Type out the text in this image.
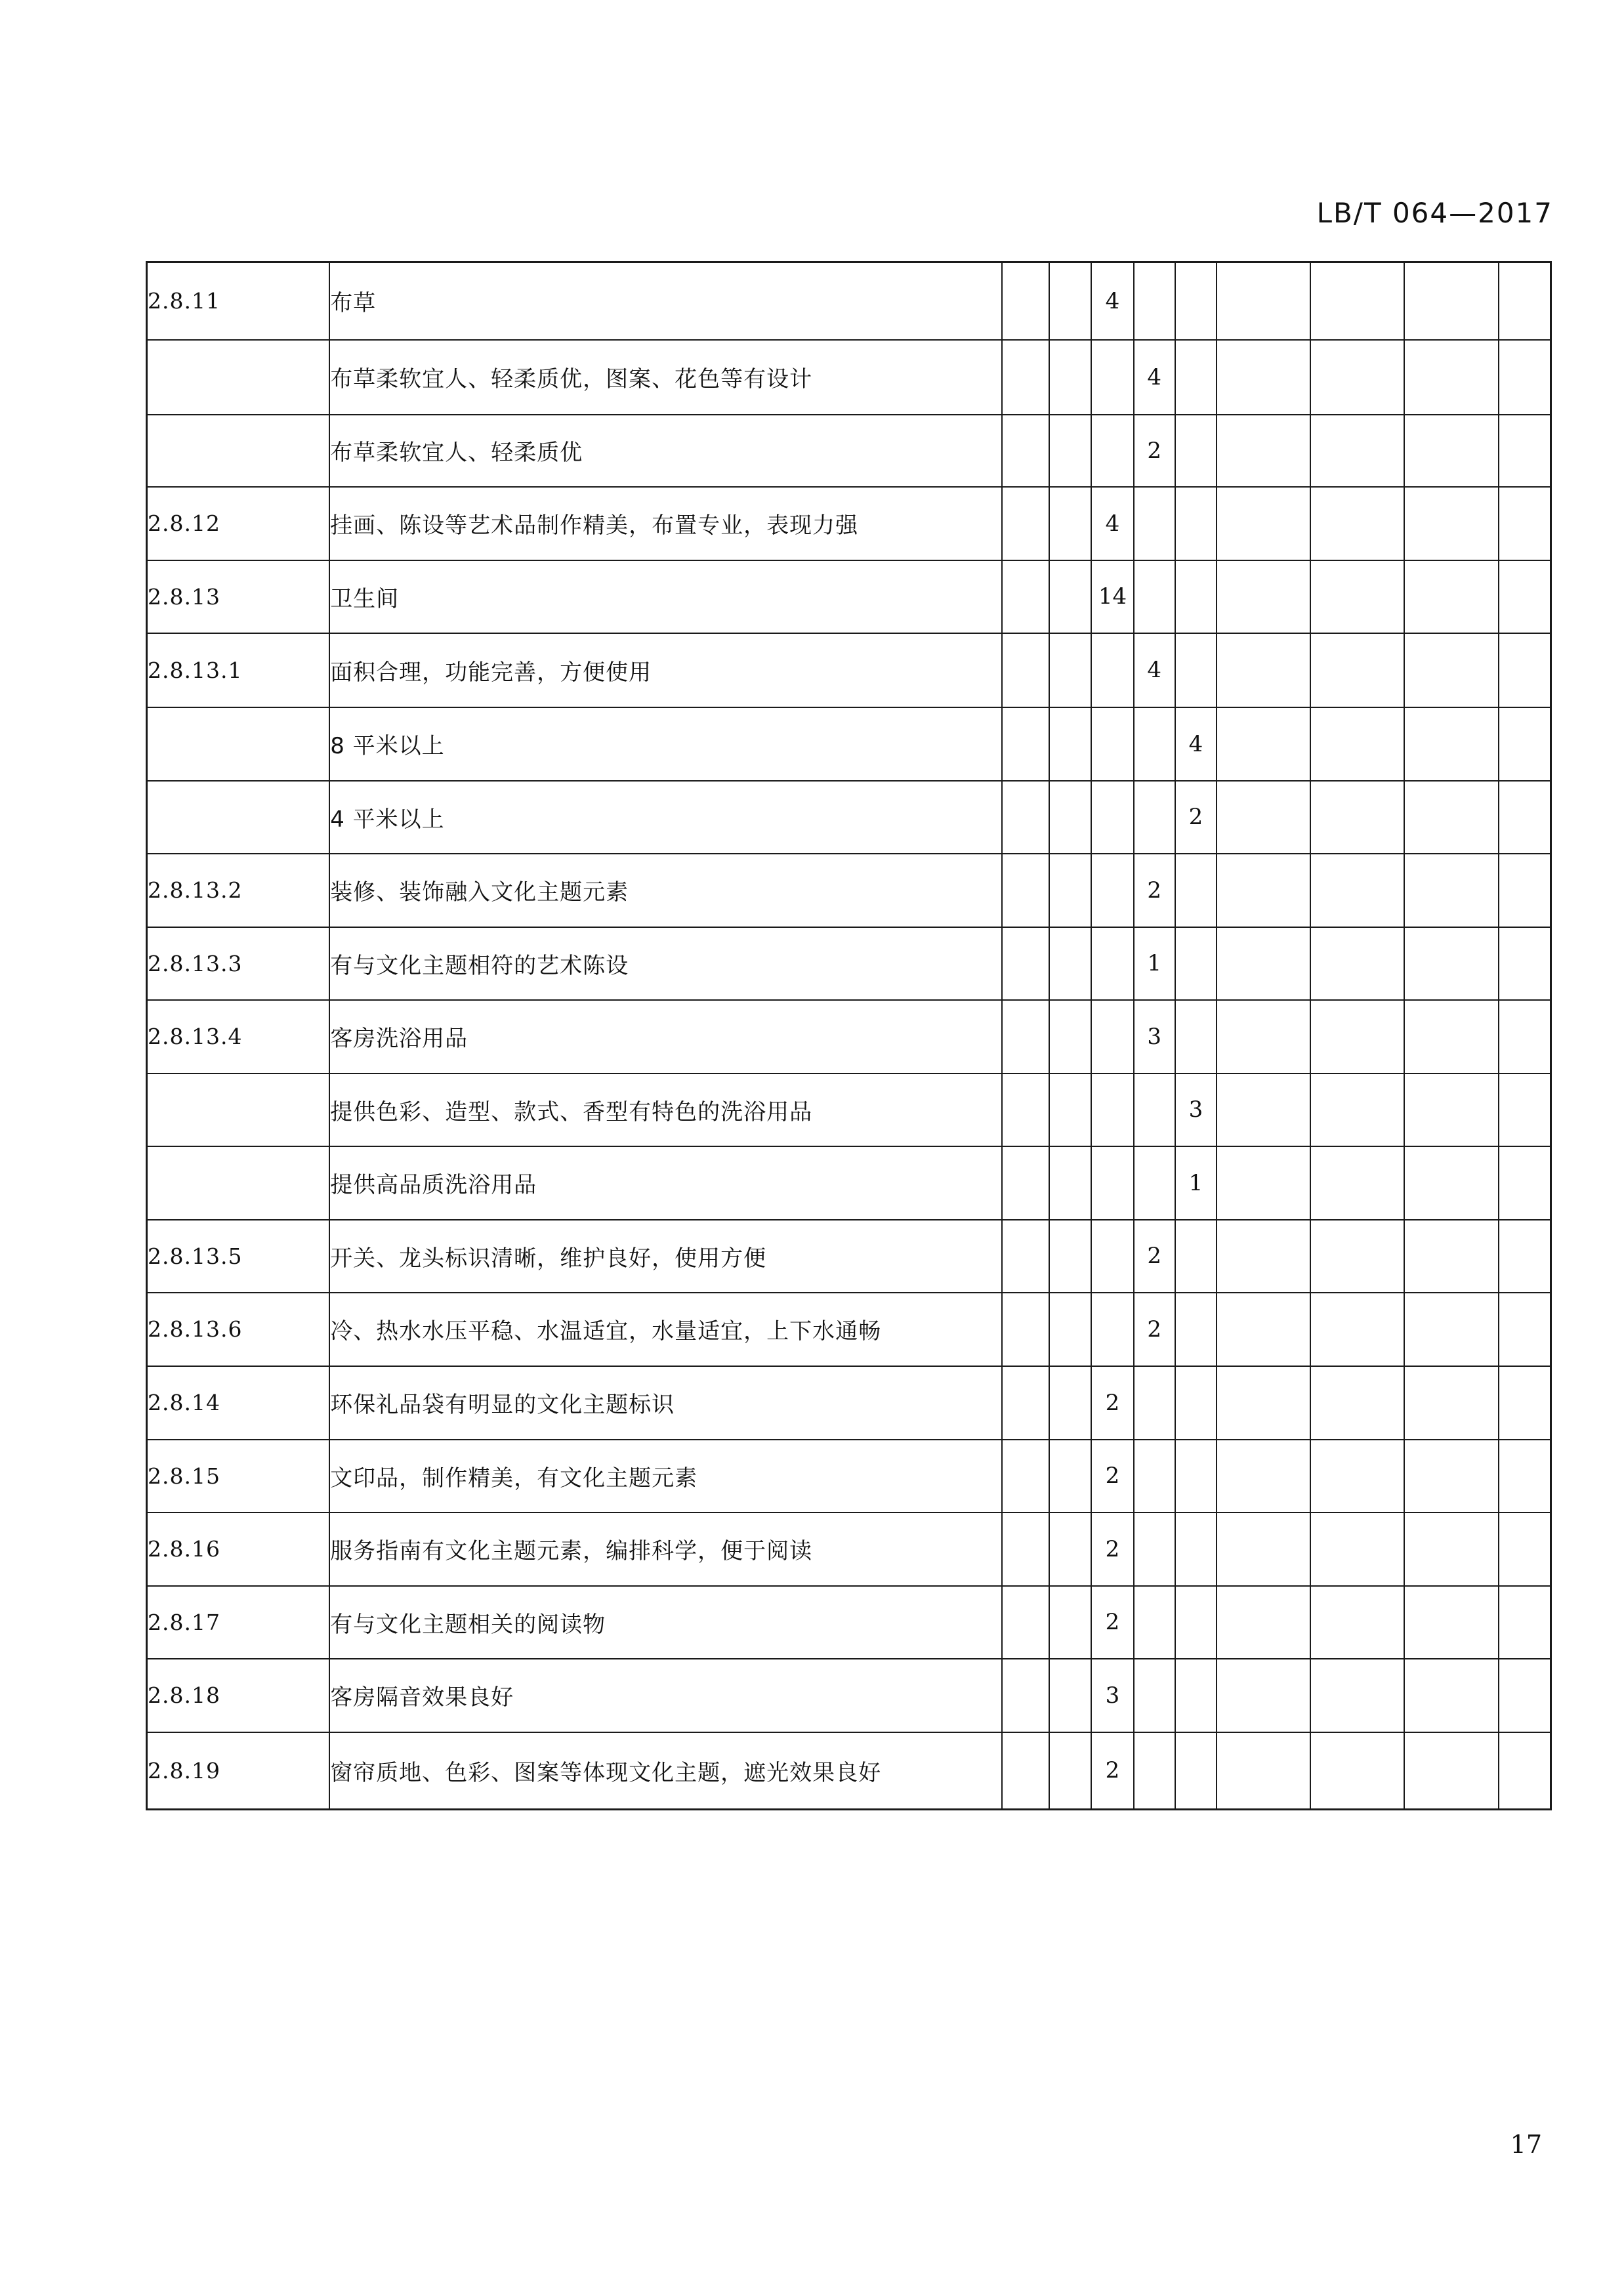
LB/T 064—2017
2.8.11	布草			4						
	布草柔软宜人、轻柔质优，图案、花色等有设计				4					
	布草柔软宜人、轻柔质优				2					
2.8.12	挂画、陈设等艺术品制作精美，布置专业，表现力强			4						
2.8.13	卫生间			14						
2.8.13.1	面积合理，功能完善，方便使用				4					
	8 平米以上					4				
	4 平米以上					2				
2.8.13.2	装修、装饰融入文化主题元素				2					
2.8.13.3	有与文化主题相符的艺术陈设				1					
2.8.13.4	客房洗浴用品				3					
	提供色彩、造型、款式、香型有特色的洗浴用品					3				
	提供高品质洗浴用品					1				
2.8.13.5	开关、龙头标识清晰，维护良好，使用方便				2					
2.8.13.6	冷、热水水压平稳、水温适宜，水量适宜，上下水通畅				2					
2.8.14	环保礼品袋有明显的文化主题标识			2						
2.8.15	文印品，制作精美，有文化主题元素			2						
2.8.16	服务指南有文化主题元素，编排科学，便于阅读			2						
2.8.17	有与文化主题相关的阅读物			2						
2.8.18	客房隔音效果良好			3						
2.8.19	窗帘质地、色彩、图案等体现文化主题，遮光效果良好			2						
17
